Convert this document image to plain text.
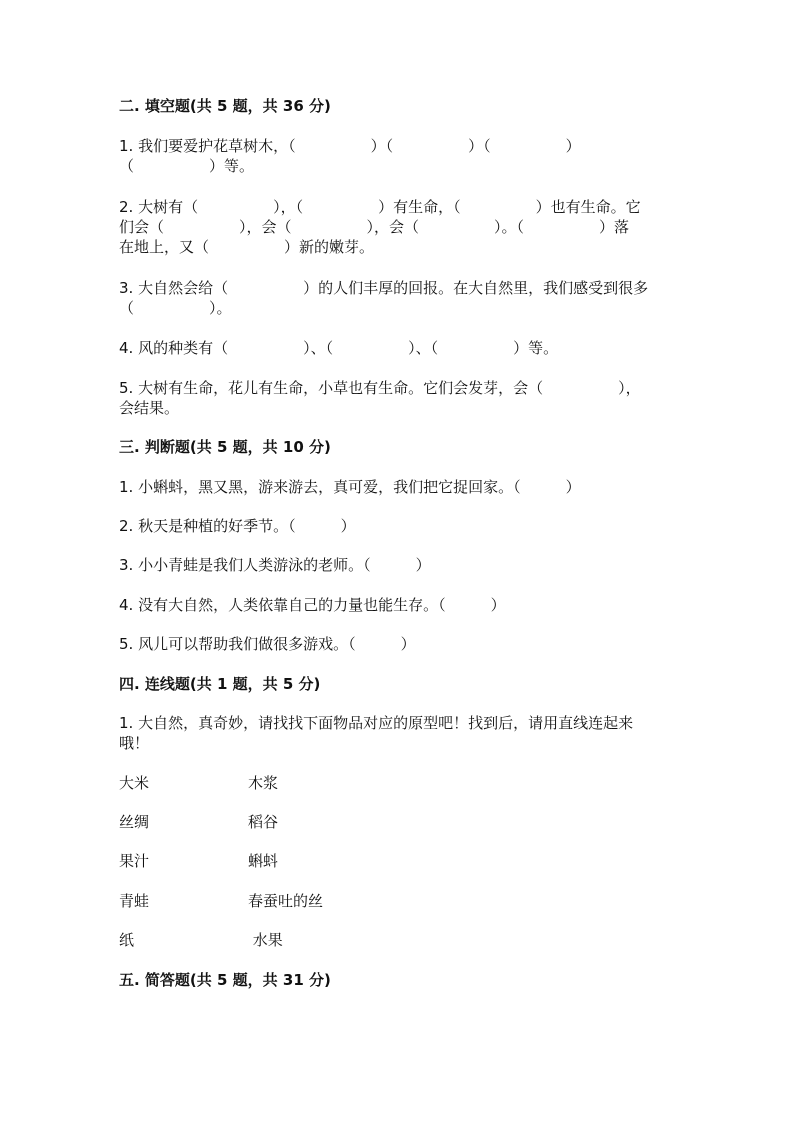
二. 填空题(共 5 题，共 36 分)
1. 我们要爱护花草树木，（　　　　　）（　　　　　）（　　　　　）
（　　　　　）等。
2. 大树有（　　　　　），（　　　　　）有生命，（　　　　　）也有生命。它
们会（　　　　　），会（　　　　　），会（　　　　　）。（　　　　　）落
在地上，又（　　　　　）新的嫩芽。
3. 大自然会给（　　　　　）的人们丰厚的回报。在大自然里，我们感受到很多
（　　　　　）。
4. 风的种类有（　　　　　）、（　　　　　）、（　　　　　）等。
5. 大树有生命，花儿有生命，小草也有生命。它们会发芽，会（　　　　　），
会结果。
三. 判断题(共 5 题，共 10 分)
1. 小蝌蚪，黑又黑，游来游去，真可爱，我们把它捉回家。（　　　）
2. 秋天是种植的好季节。（　　　）
3. 小小青蛙是我们人类游泳的老师。（　　　）
4. 没有大自然，人类依靠自己的力量也能生存。（　　　）
5. 风儿可以帮助我们做很多游戏。（　　　）
四. 连线题(共 1 题，共 5 分)
1. 大自然，真奇妙，请找找下面物品对应的原型吧！找到后，请用直线连起来
哦！
大米	木浆
丝绸	稻谷
果汁	蝌蚪
青蛙	春蚕吐的丝
纸	水果
五. 简答题(共 5 题，共 31 分)
